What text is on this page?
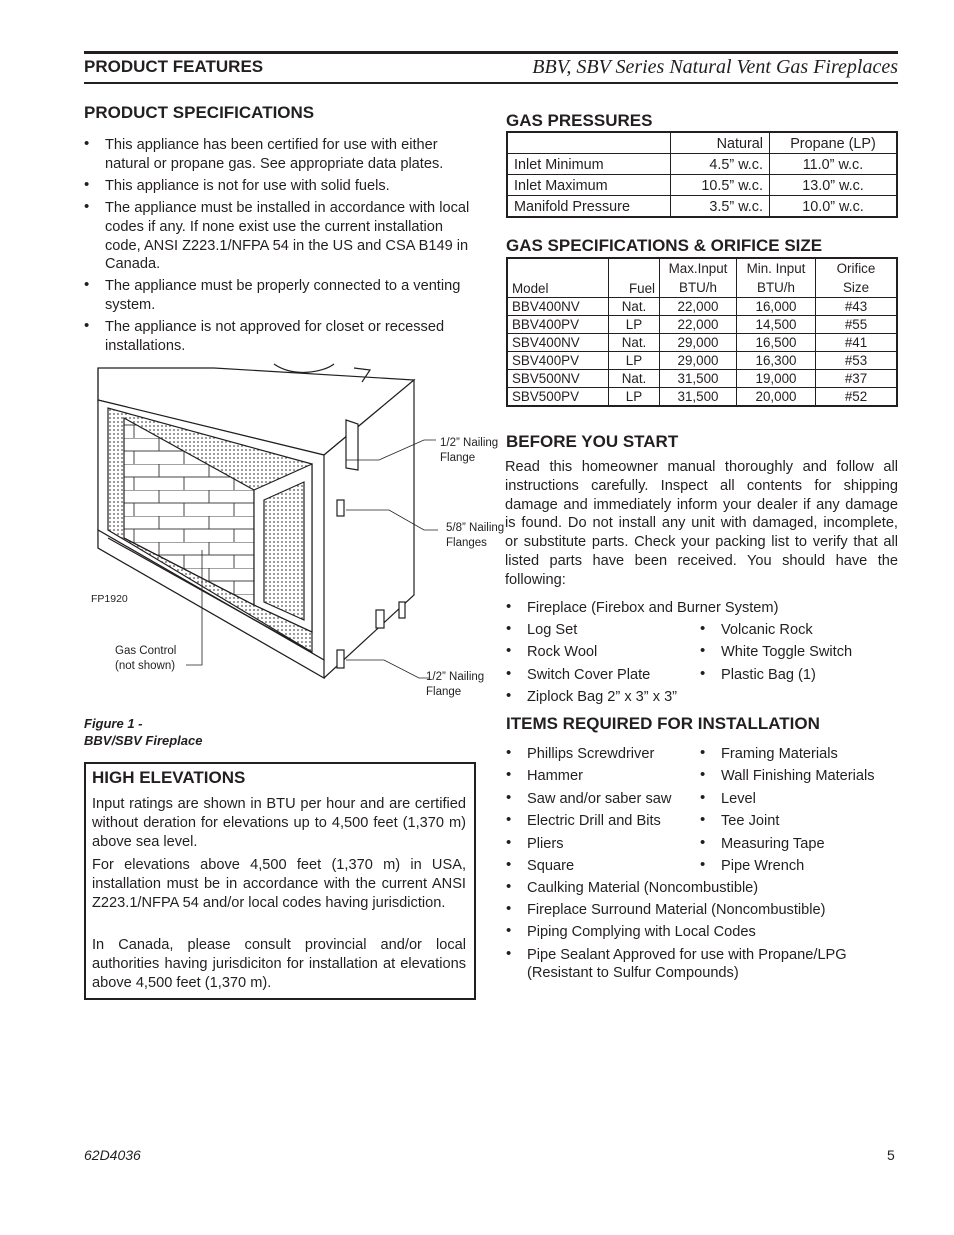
PRODUCT FEATURES	BBV, SBV Series Natural Vent Gas Fireplaces
PRODUCT SPECIFICATIONS
• This appliance has been certified for use with either natural or propane gas. See appropriate data plates.
• This appliance is not for use with solid fuels.
• The appliance must be installed in accordance with local codes if any. If none exist use the current installation code, ANSI Z223.1/NFPA 54 in the US and CSA B149 in Canada.
• The appliance must be properly connected to a venting system.
• The appliance is not approved for closet or recessed installations.
1/2” Nailing Flange
5/8” Nailing Flanges
1/2” Nailing Flange
FP1920
Gas Control (not shown)
Figure 1 -
BBV/SBV Fireplace
HIGH ELEVATIONS

Input ratings are shown in BTU per hour and are certified without deration for elevations up to 4,500 feet (1,370 m) above sea level.

For elevations above 4,500 feet (1,370 m) in USA, installation must be in accordance with the current ANSI Z223.1/NFPA 54 and/or local codes having jurisdiction.

In Canada, please consult provincial and/or local authorities having jurisdiciton for installation at elevations above 4,500 feet (1,370 m).

GAS PRESSURES
	Natural	Propane (LP)
Inlet Minimum	4.5” w.c.	11.0” w.c.
Inlet Maximum	10.5” w.c.	13.0” w.c.
Manifold Pressure	3.5” w.c.	10.0” w.c.
GAS SPECIFICATIONS & ORIFICE SIZE

Model	Fuel	Max.Input	Min. Input	Orifice
		BTU/h	BTU/h	Size
BBV400NV	Nat.	22,000	16,000	#43
BBV400PV	LP	22,000	14,500	#55
SBV400NV	Nat.	29,000	16,500	#41
SBV400PV	LP	29,000	16,300	#53
SBV500NV	Nat.	31,500	19,000	#37
SBV500PV	LP	31,500	20,000	#52
BEFORE YOU START

Read this homeowner manual thoroughly and follow all instructions carefully. Inspect all contents for shipping damage and immediately inform your dealer if any damage is found. Do not install any unit with damaged, incomplete, or substitute parts. Check your packing list to verify that all listed parts have been received. You should have the following:

• Fireplace (Firebox and Burner System)
• Log Set
• Rock Wool
• Switch Cover Plate
• Ziplock Bag 2” x 3” x 3”
• Volcanic Rock
• White Toggle Switch
• Plastic Bag (1)
ITEMS REQUIRED FOR INSTALLATION
• Phillips Screwdriver
• Hammer
• Saw and/or saber saw
• Electric Drill and Bits
• Pliers
• Square
• Framing Materials
• Wall Finishing Materials
• Level
• Tee Joint
• Measuring Tape
• Pipe Wrench
• Caulking Material (Noncombustible)
• Fireplace Surround Material (Noncombustible)
• Piping Complying with Local Codes
• Pipe Sealant Approved for use with Propane/LPG (Resistant to Sulfur Compounds)
62D4036	5
